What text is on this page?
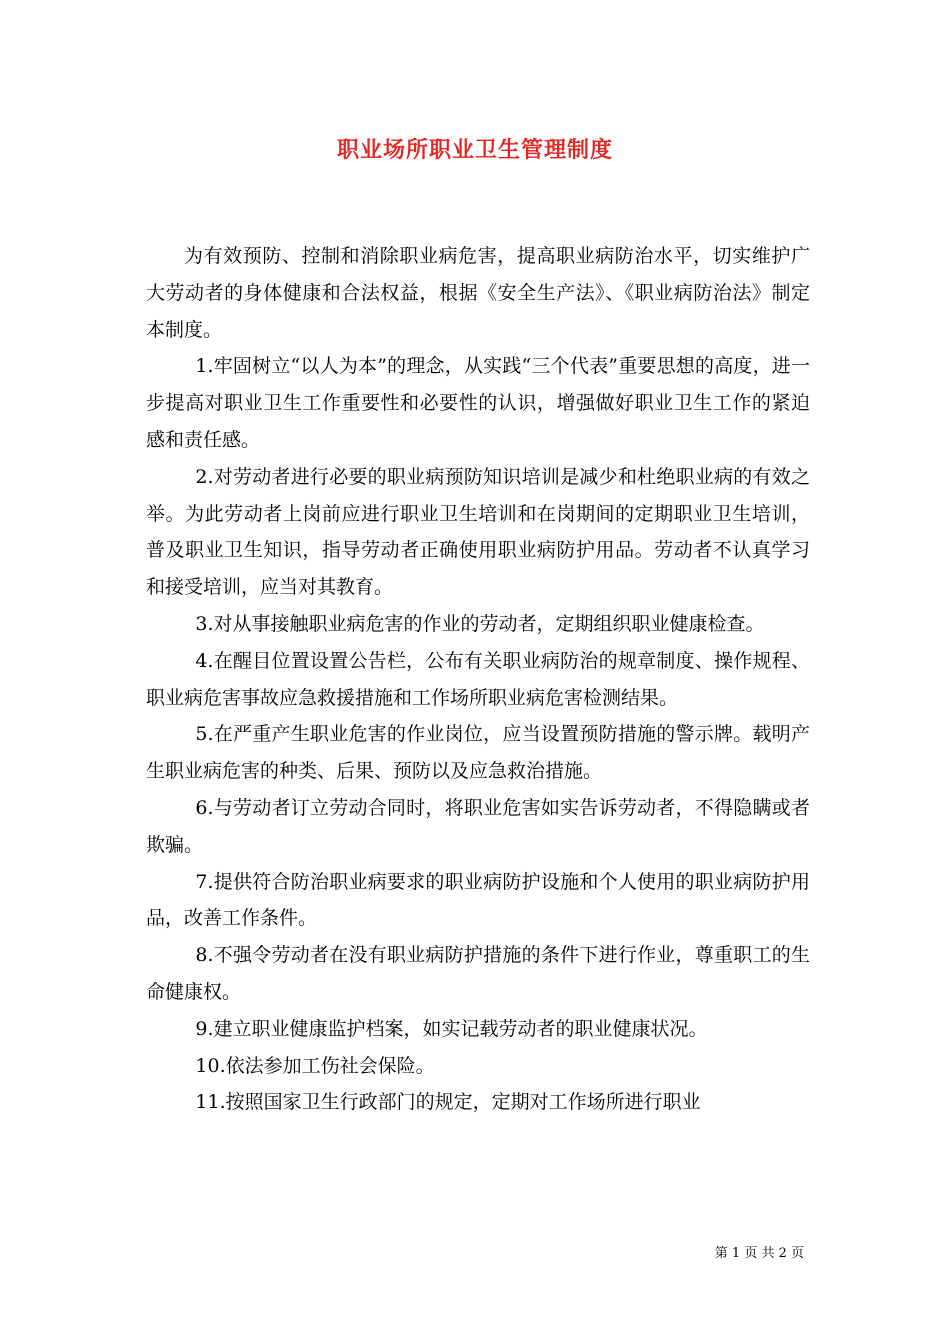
职业场所职业卫生管理制度

为有效预防、控制和消除职业病危害，提高职业病防治水平，切实维护广大劳动者的身体健康和合法权益，根据《安全生产法》、《职业病防治法》制定本制度。

1.牢固树立“以人为本”的理念，从实践“三个代表”重要思想的高度，进一步提高对职业卫生工作重要性和必要性的认识，增强做好职业卫生工作的紧迫感和责任感。

2.对劳动者进行必要的职业病预防知识培训是减少和杜绝职业病的有效之举。为此劳动者上岗前应进行职业卫生培训和在岗期间的定期职业卫生培训，普及职业卫生知识，指导劳动者正确使用职业病防护用品。劳动者不认真学习和接受培训，应当对其教育。

3.对从事接触职业病危害的作业的劳动者，定期组织职业健康检查。

4.在醒目位置设置公告栏，公布有关职业病防治的规章制度、操作规程、职业病危害事故应急救援措施和工作场所职业病危害检测结果。

5.在严重产生职业危害的作业岗位，应当设置预防措施的警示牌。载明产生职业病危害的种类、后果、预防以及应急救治措施。

6.与劳动者订立劳动合同时，将职业危害如实告诉劳动者，不得隐瞒或者欺骗。

7.提供符合防治职业病要求的职业病防护设施和个人使用的职业病防护用品，改善工作条件。

8.不强令劳动者在没有职业病防护措施的条件下进行作业，尊重职工的生命健康权。

9.建立职业健康监护档案，如实记载劳动者的职业健康状况。

10.依法参加工伤社会保险。

11.按照国家卫生行政部门的规定，定期对工作场所进行职业

第 1 页 共 2 页
